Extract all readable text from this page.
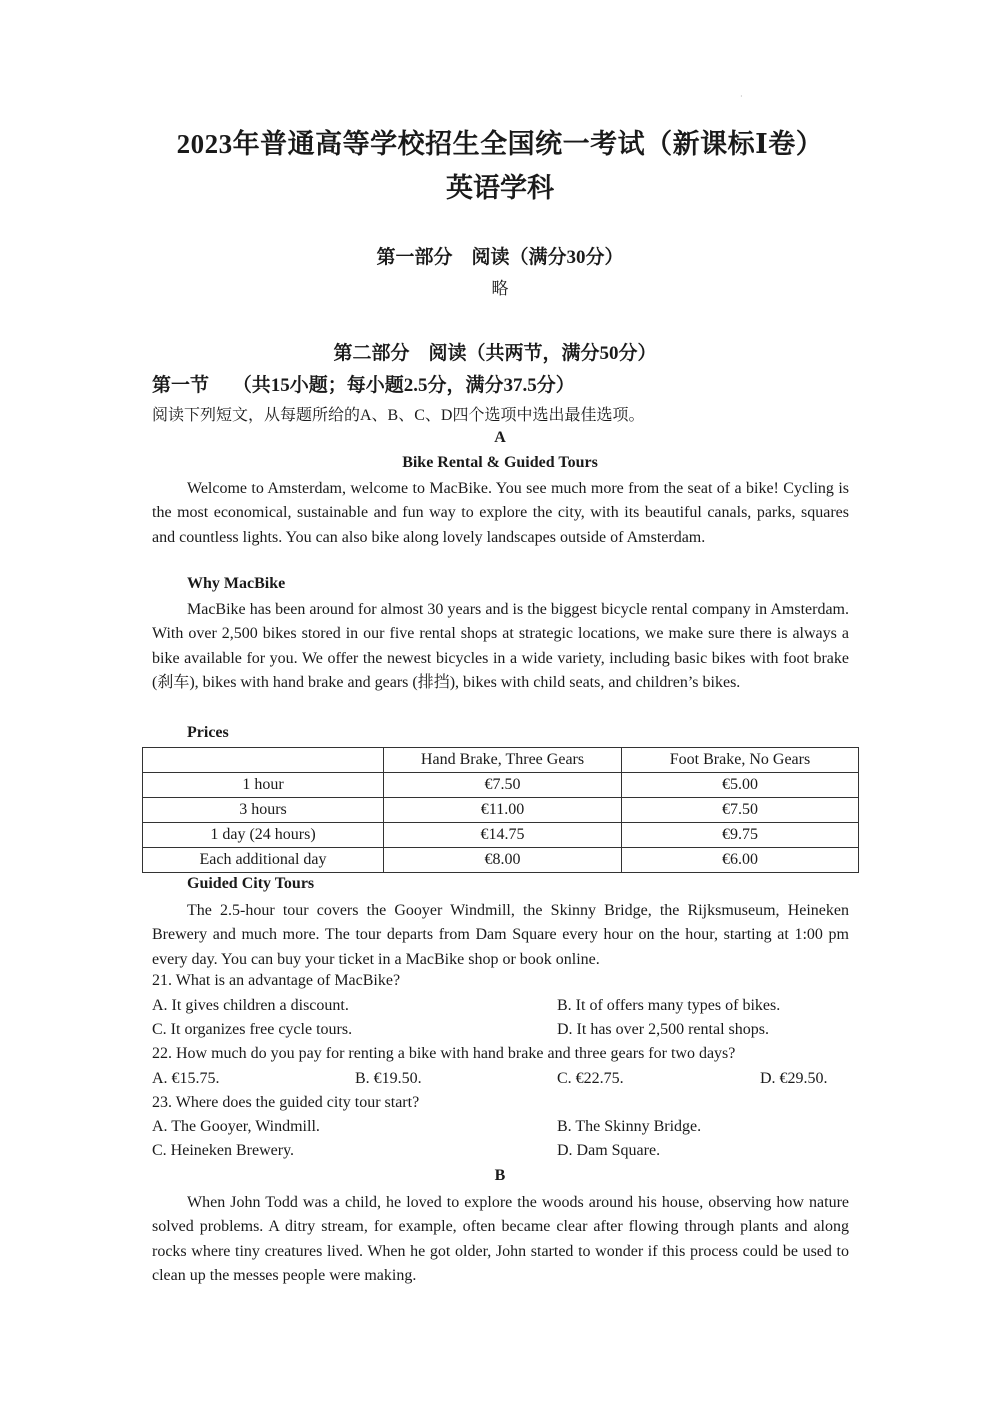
·
2023年普通高等学校招生全国统一考试（新课标Ⅰ卷）
英语学科
第一部分　阅读（满分30分）
略
第二部分　阅读（共两节，满分50分）
第一节　 （共15小题；每小题2.5分，满分37.5分）
阅读下列短文，从每题所给的A、B、C、D四个选项中选出最佳选项。
A
Bike Rental & Guided Tours
Welcome to Amsterdam, welcome to MacBike. You see much more from the seat of a bike! Cycling is the most economical, sustainable and fun way to explore the city, with its beautiful canals, parks, squares and countless lights. You can also bike along lovely landscapes outside of Amsterdam.
Why MacBike
MacBike has been around for almost 30 years and is the biggest bicycle rental company in Amsterdam. With over 2,500 bikes stored in our five rental shops at strategic locations, we make sure there is always a bike available for you. We offer the newest bicycles in a wide variety, including basic bikes with foot brake (刹车), bikes with hand brake and gears (排挡), bikes with child seats, and children’s bikes.
Prices
	Hand Brake, Three Gears	Foot Brake, No Gears
1 hour	€7.50	€5.00
3 hours	€11.00	€7.50
1 day (24 hours)	€14.75	€9.75
Each additional day	€8.00	€6.00
Guided City Tours
The 2.5-hour tour covers the Gooyer Windmill, the Skinny Bridge, the Rijksmuseum, Heineken Brewery and much more. The tour departs from Dam Square every hour on the hour, starting at 1:00 pm every day. You can buy your ticket in a MacBike shop or book online.
21. What is an advantage of MacBike?
A. It gives children a discount.	B. It of offers many types of bikes.
C. It organizes free cycle tours.	D. It has over 2,500 rental shops.
22. How much do you pay for renting a bike with hand brake and three gears for two days?
A. €15.75.	B. €19.50.	C. €22.75.	D. €29.50.
23. Where does the guided city tour start?
A. The Gooyer, Windmill.	B. The Skinny Bridge.
C. Heineken Brewery.	D. Dam Square.
B
When John Todd was a child, he loved to explore the woods around his house, observing how nature solved problems. A ditry stream, for example, often became clear after flowing through plants and along rocks where tiny creatures lived. When he got older, John started to wonder if this process could be used to clean up the messes people were making.
